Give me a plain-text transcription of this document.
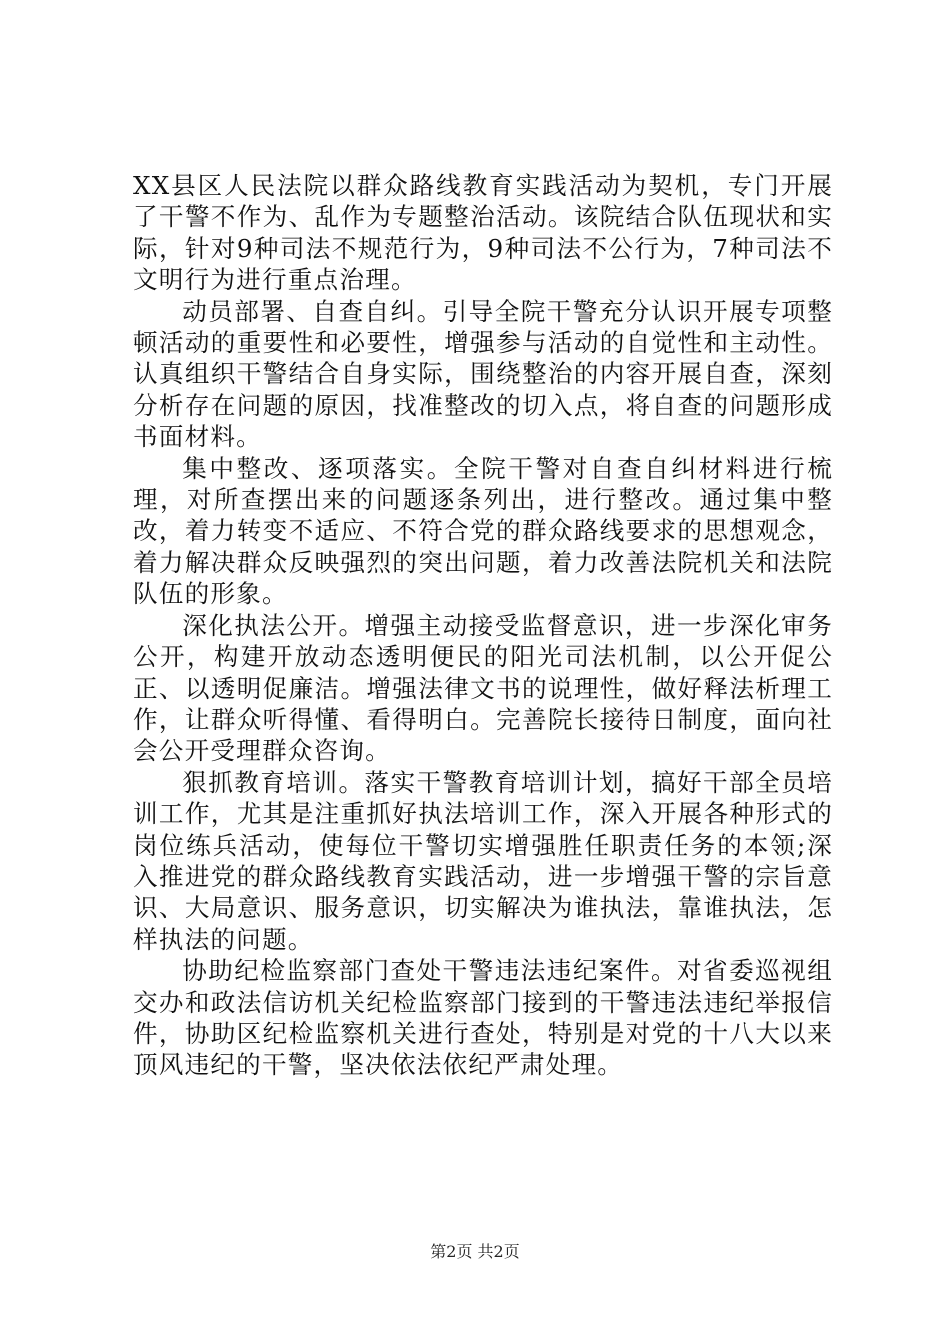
XX县区人民法院以群众路线教育实践活动为契机，专门开展了干警不作为、乱作为专题整治活动。该院结合队伍现状和实际，针对9种司法不规范行为，9种司法不公行为，7种司法不文明行为进行重点治理。

动员部署、自查自纠。引导全院干警充分认识开展专项整顿活动的重要性和必要性，增强参与活动的自觉性和主动性。认真组织干警结合自身实际，围绕整治的内容开展自查，深刻分析存在问题的原因，找准整改的切入点，将自查的问题形成书面材料。

集中整改、逐项落实。全院干警对自查自纠材料进行梳理，对所查摆出来的问题逐条列出，进行整改。通过集中整改，着力转变不适应、不符合党的群众路线要求的思想观念，着力解决群众反映强烈的突出问题，着力改善法院机关和法院队伍的形象。

深化执法公开。增强主动接受监督意识，进一步深化审务公开，构建开放动态透明便民的阳光司法机制，以公开促公正、以透明促廉洁。增强法律文书的说理性，做好释法析理工作，让群众听得懂、看得明白。完善院长接待日制度，面向社会公开受理群众咨询。

狠抓教育培训。落实干警教育培训计划，搞好干部全员培训工作，尤其是注重抓好执法培训工作，深入开展各种形式的岗位练兵活动，使每位干警切实增强胜任职责任务的本领;深入推进党的群众路线教育实践活动，进一步增强干警的宗旨意识、大局意识、服务意识，切实解决为谁执法，靠谁执法，怎样执法的问题。

协助纪检监察部门查处干警违法违纪案件。对省委巡视组交办和政法信访机关纪检监察部门接到的干警违法违纪举报信件，协助区纪检监察机关进行查处，特别是对党的十八大以来顶风违纪的干警，坚决依法依纪严肃处理。

第2页 共2页
